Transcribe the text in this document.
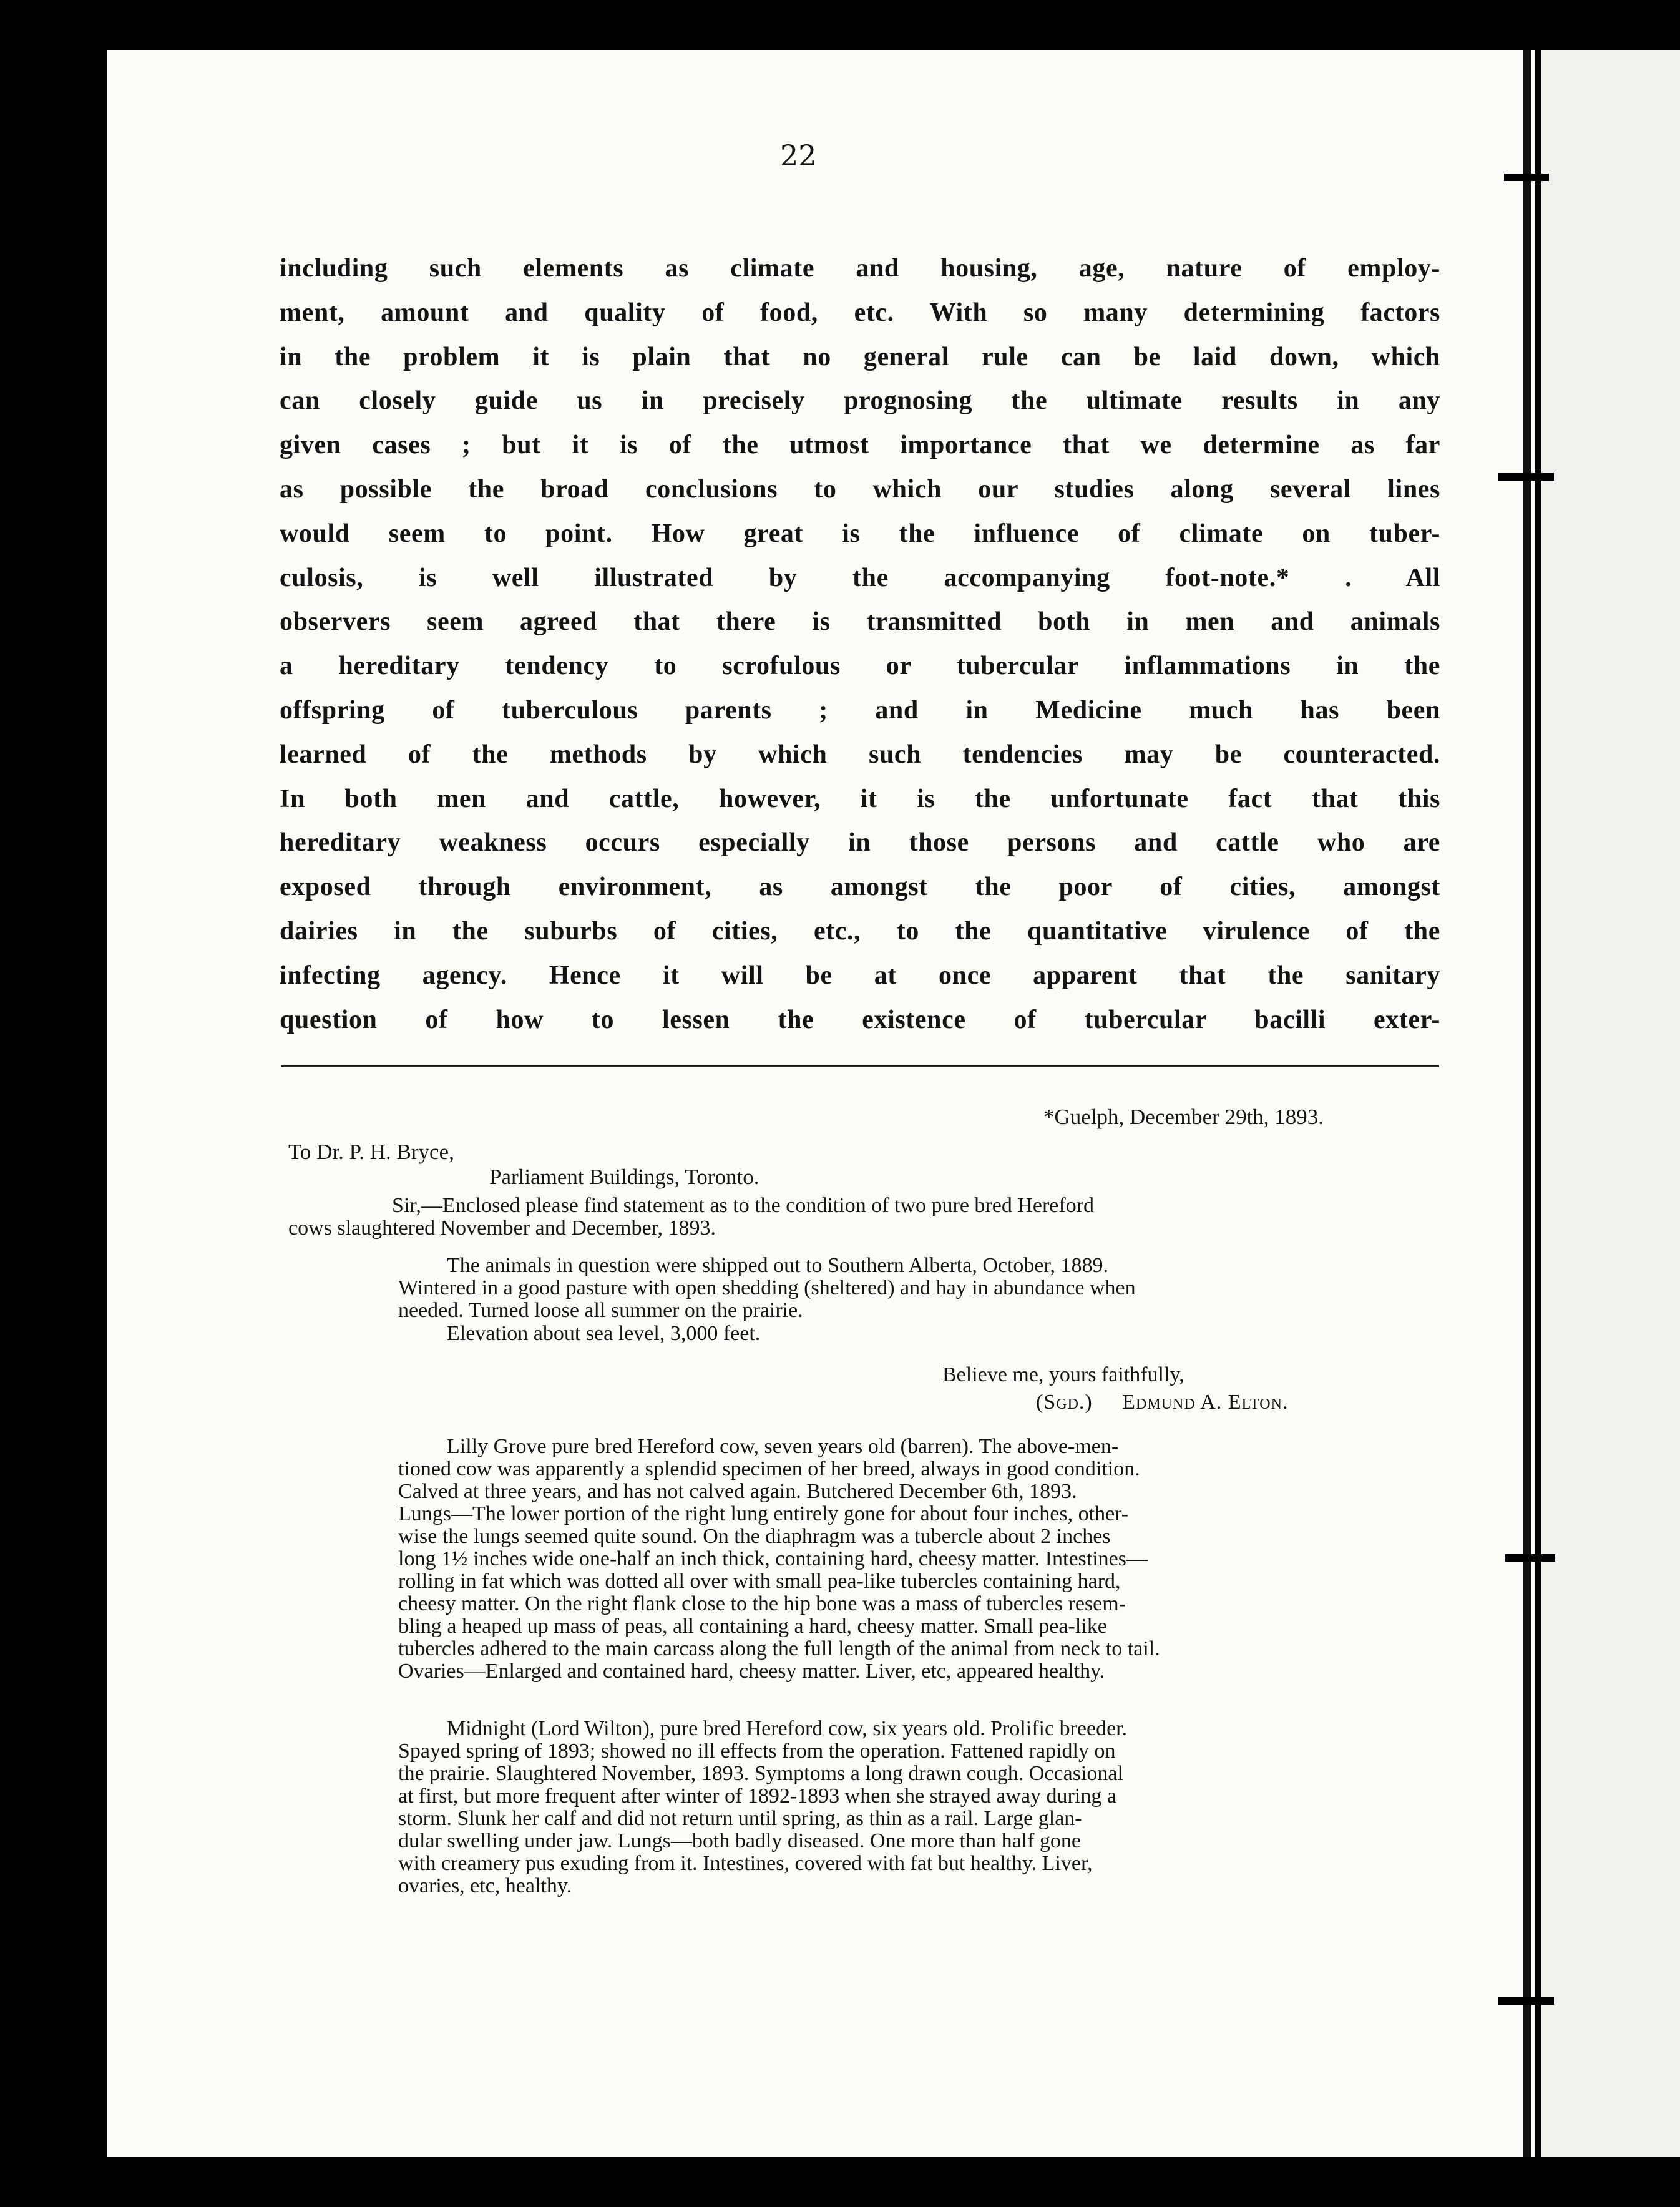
22
including such elements as climate and housing, age, nature of employ-
ment, amount and quality of food, etc. With so many determining factors
in the problem it is plain that no general rule can be laid down, which
can closely guide us in precisely prognosing the ultimate results in any
given cases ; but it is of the utmost importance that we determine as far
as possible the broad conclusions to which our studies along several lines
would seem to point. How great is the influence of climate on tuber-
culosis, is well illustrated by the accompanying foot-note.* . All
observers seem agreed that there is transmitted both in men and animals
a hereditary tendency to scrofulous or tubercular inflammations in the
offspring of tuberculous parents ; and in Medicine much has been
learned of the methods by which such tendencies may be counteracted.
In both men and cattle, however, it is the unfortunate fact that this
hereditary weakness occurs especially in those persons and cattle who are
exposed through environment, as amongst the poor of cities, amongst
dairies in the suburbs of cities, etc., to the quantitative virulence of the
infecting agency. Hence it will be at once apparent that the sanitary
question of how to lessen the existence of tubercular bacilli exter-

*Guelph, December 29th, 1893.

To Dr. P. H. Bryce,

Parliament Buildings, Toronto.

Sir,—Enclosed please find statement as to the condition of two pure bred Hereford
cows slaughtered November and December, 1893.
The animals in question were shipped out to Southern Alberta, October, 1889.
Wintered in a good pasture with open shedding (sheltered) and hay in abundance when
needed. Turned loose all summer on the prairie.

Elevation about sea level, 3,000 feet.

Believe me, yours faithfully,

(Sgd.)     Edmund A. Elton.

Lilly Grove pure bred Hereford cow, seven years old (barren). The above-men-
tioned cow was apparently a splendid specimen of her breed, always in good condition.
Calved at three years, and has not calved again. Butchered December 6th, 1893.
Lungs—The lower portion of the right lung entirely gone for about four inches, other-
wise the lungs seemed quite sound. On the diaphragm was a tubercle about 2 inches
long 1½ inches wide one-half an inch thick, containing hard, cheesy matter. Intestines—
rolling in fat which was dotted all over with small pea-like tubercles containing hard,
cheesy matter. On the right flank close to the hip bone was a mass of tubercles resem-
bling a heaped up mass of peas, all containing a hard, cheesy matter. Small pea-like
tubercles adhered to the main carcass along the full length of the animal from neck to tail.
Ovaries—Enlarged and contained hard, cheesy matter. Liver, etc, appeared healthy.
Midnight (Lord Wilton), pure bred Hereford cow, six years old. Prolific breeder.
Spayed spring of 1893; showed no ill effects from the operation. Fattened rapidly on
the prairie. Slaughtered November, 1893. Symptoms a long drawn cough. Occasional
at first, but more frequent after winter of 1892-1893 when she strayed away during a
storm. Slunk her calf and did not return until spring, as thin as a rail. Large glan-
dular swelling under jaw. Lungs—both badly diseased. One more than half gone
with creamery pus exuding from it. Intestines, covered with fat but healthy. Liver,
ovaries, etc, healthy.
